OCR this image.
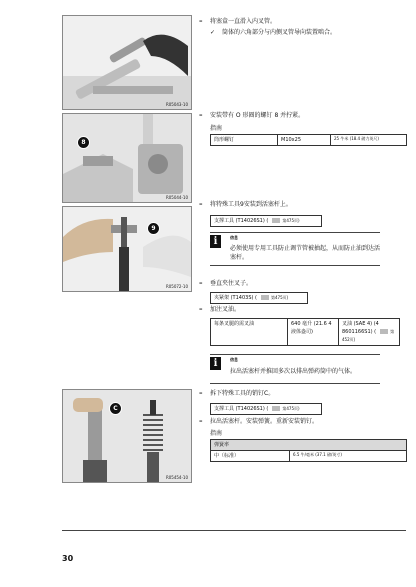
R05043-10
– 将塞盒一直滑入内叉管。
✓ 筒体的六角部分与内侧叉管导向装置啮合。
8
R05044-10
– 安装带有 O 形圈的螺钉 8 并拧紧。
指南
筒形螺钉	M10x25	25 牛米 (18.4 磅力英尺)
9
R05072-10
– 将特殊工具9安装到活塞杆上。
支撑工具 (T14026S1) (	第475页)
i	信息
必须使用专用工具防止调节管被抽起，从而防止油到达活塞杆。
– 垂直夹住叉子。
夹紧架 (T1403S) (	第475页)
– 加注叉油。
每条叉腿的需叉油	640 毫升 (21.6 4 液体盎司)	叉油 (SAE 4) (4 8601166S1) (	第452页)
i	信息
拉出活塞杆并推回多次以排出弹药筒中的气体。
C
R05454-10
– 拆下特殊工具的销钉C。
支撑工具 (T14026S1) (	第475页)
– 拉出活塞杆。安装弹簧。重新安装销钉。
指南
弹簧率
中（标准）	6.5 牛/毫米 (37.1 磅/英寸)
30
